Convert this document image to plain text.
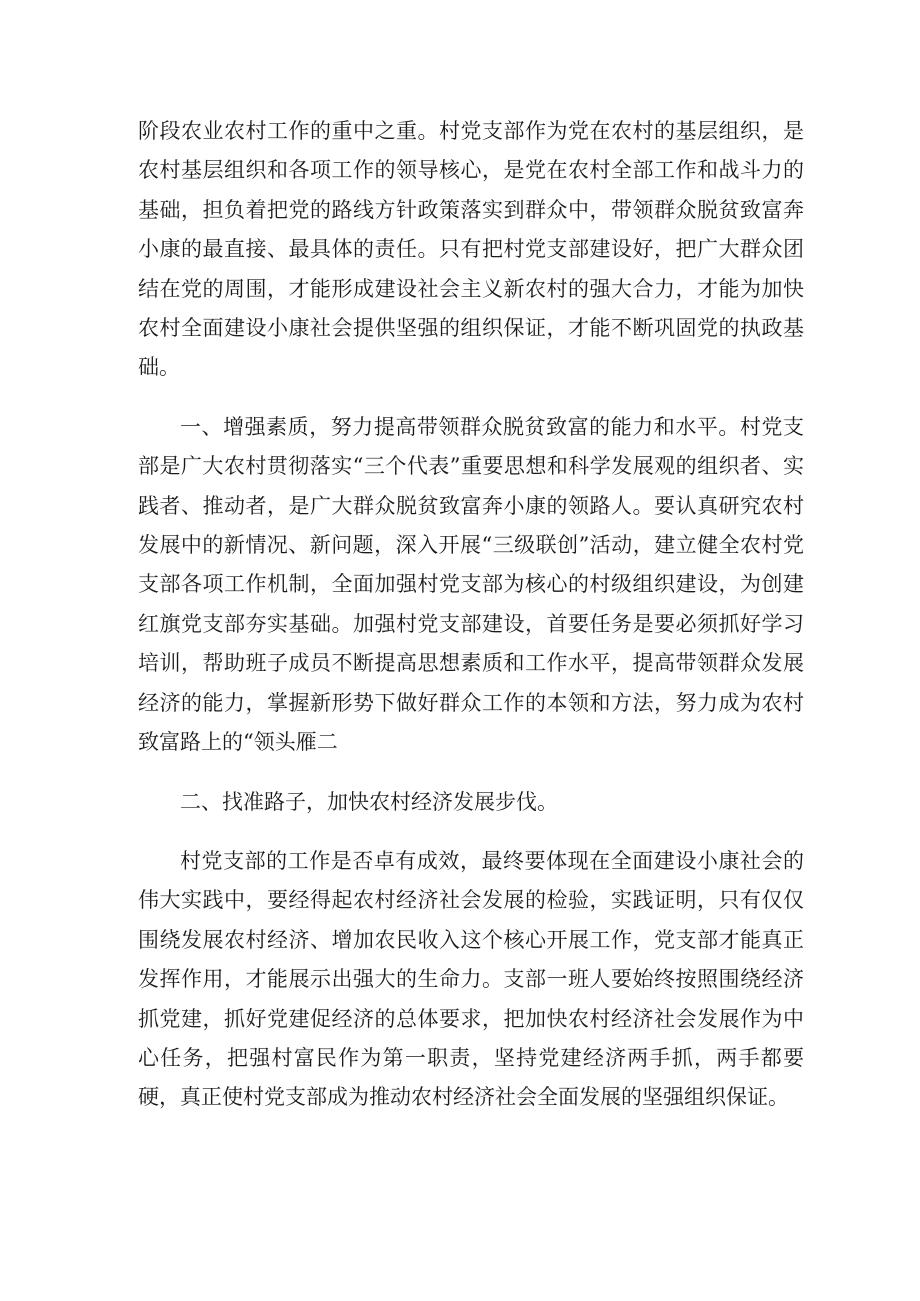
阶段农业农村工作的重中之重。村党支部作为党在农村的基层组织，是农村基层组织和各项工作的领导核心，是党在农村全部工作和战斗力的基础，担负着把党的路线方针政策落实到群众中，带领群众脱贫致富奔小康的最直接、最具体的责任。只有把村党支部建设好，把广大群众团结在党的周围，才能形成建设社会主义新农村的强大合力，才能为加快农村全面建设小康社会提供坚强的组织保证，才能不断巩固党的执政基础。

一、增强素质，努力提高带领群众脱贫致富的能力和水平。村党支部是广大农村贯彻落实“三个代表”重要思想和科学发展观的组织者、实践者、推动者，是广大群众脱贫致富奔小康的领路人。要认真研究农村发展中的新情况、新问题，深入开展“三级联创”活动，建立健全农村党支部各项工作机制，全面加强村党支部为核心的村级组织建设，为创建红旗党支部夯实基础。加强村党支部建设，首要任务是要必须抓好学习培训，帮助班子成员不断提高思想素质和工作水平，提高带领群众发展经济的能力，掌握新形势下做好群众工作的本领和方法，努力成为农村致富路上的“领头雁二

二、找准路子，加快农村经济发展步伐。

村党支部的工作是否卓有成效，最终要体现在全面建设小康社会的伟大实践中，要经得起农村经济社会发展的检验，实践证明，只有仅仅围绕发展农村经济、增加农民收入这个核心开展工作，党支部才能真正发挥作用，才能展示出强大的生命力。支部一班人要始终按照围绕经济抓党建，抓好党建促经济的总体要求，把加快农村经济社会发展作为中心任务，把强村富民作为第一职责，坚持党建经济两手抓，两手都要硬，真正使村党支部成为推动农村经济社会全面发展的坚强组织保证。
